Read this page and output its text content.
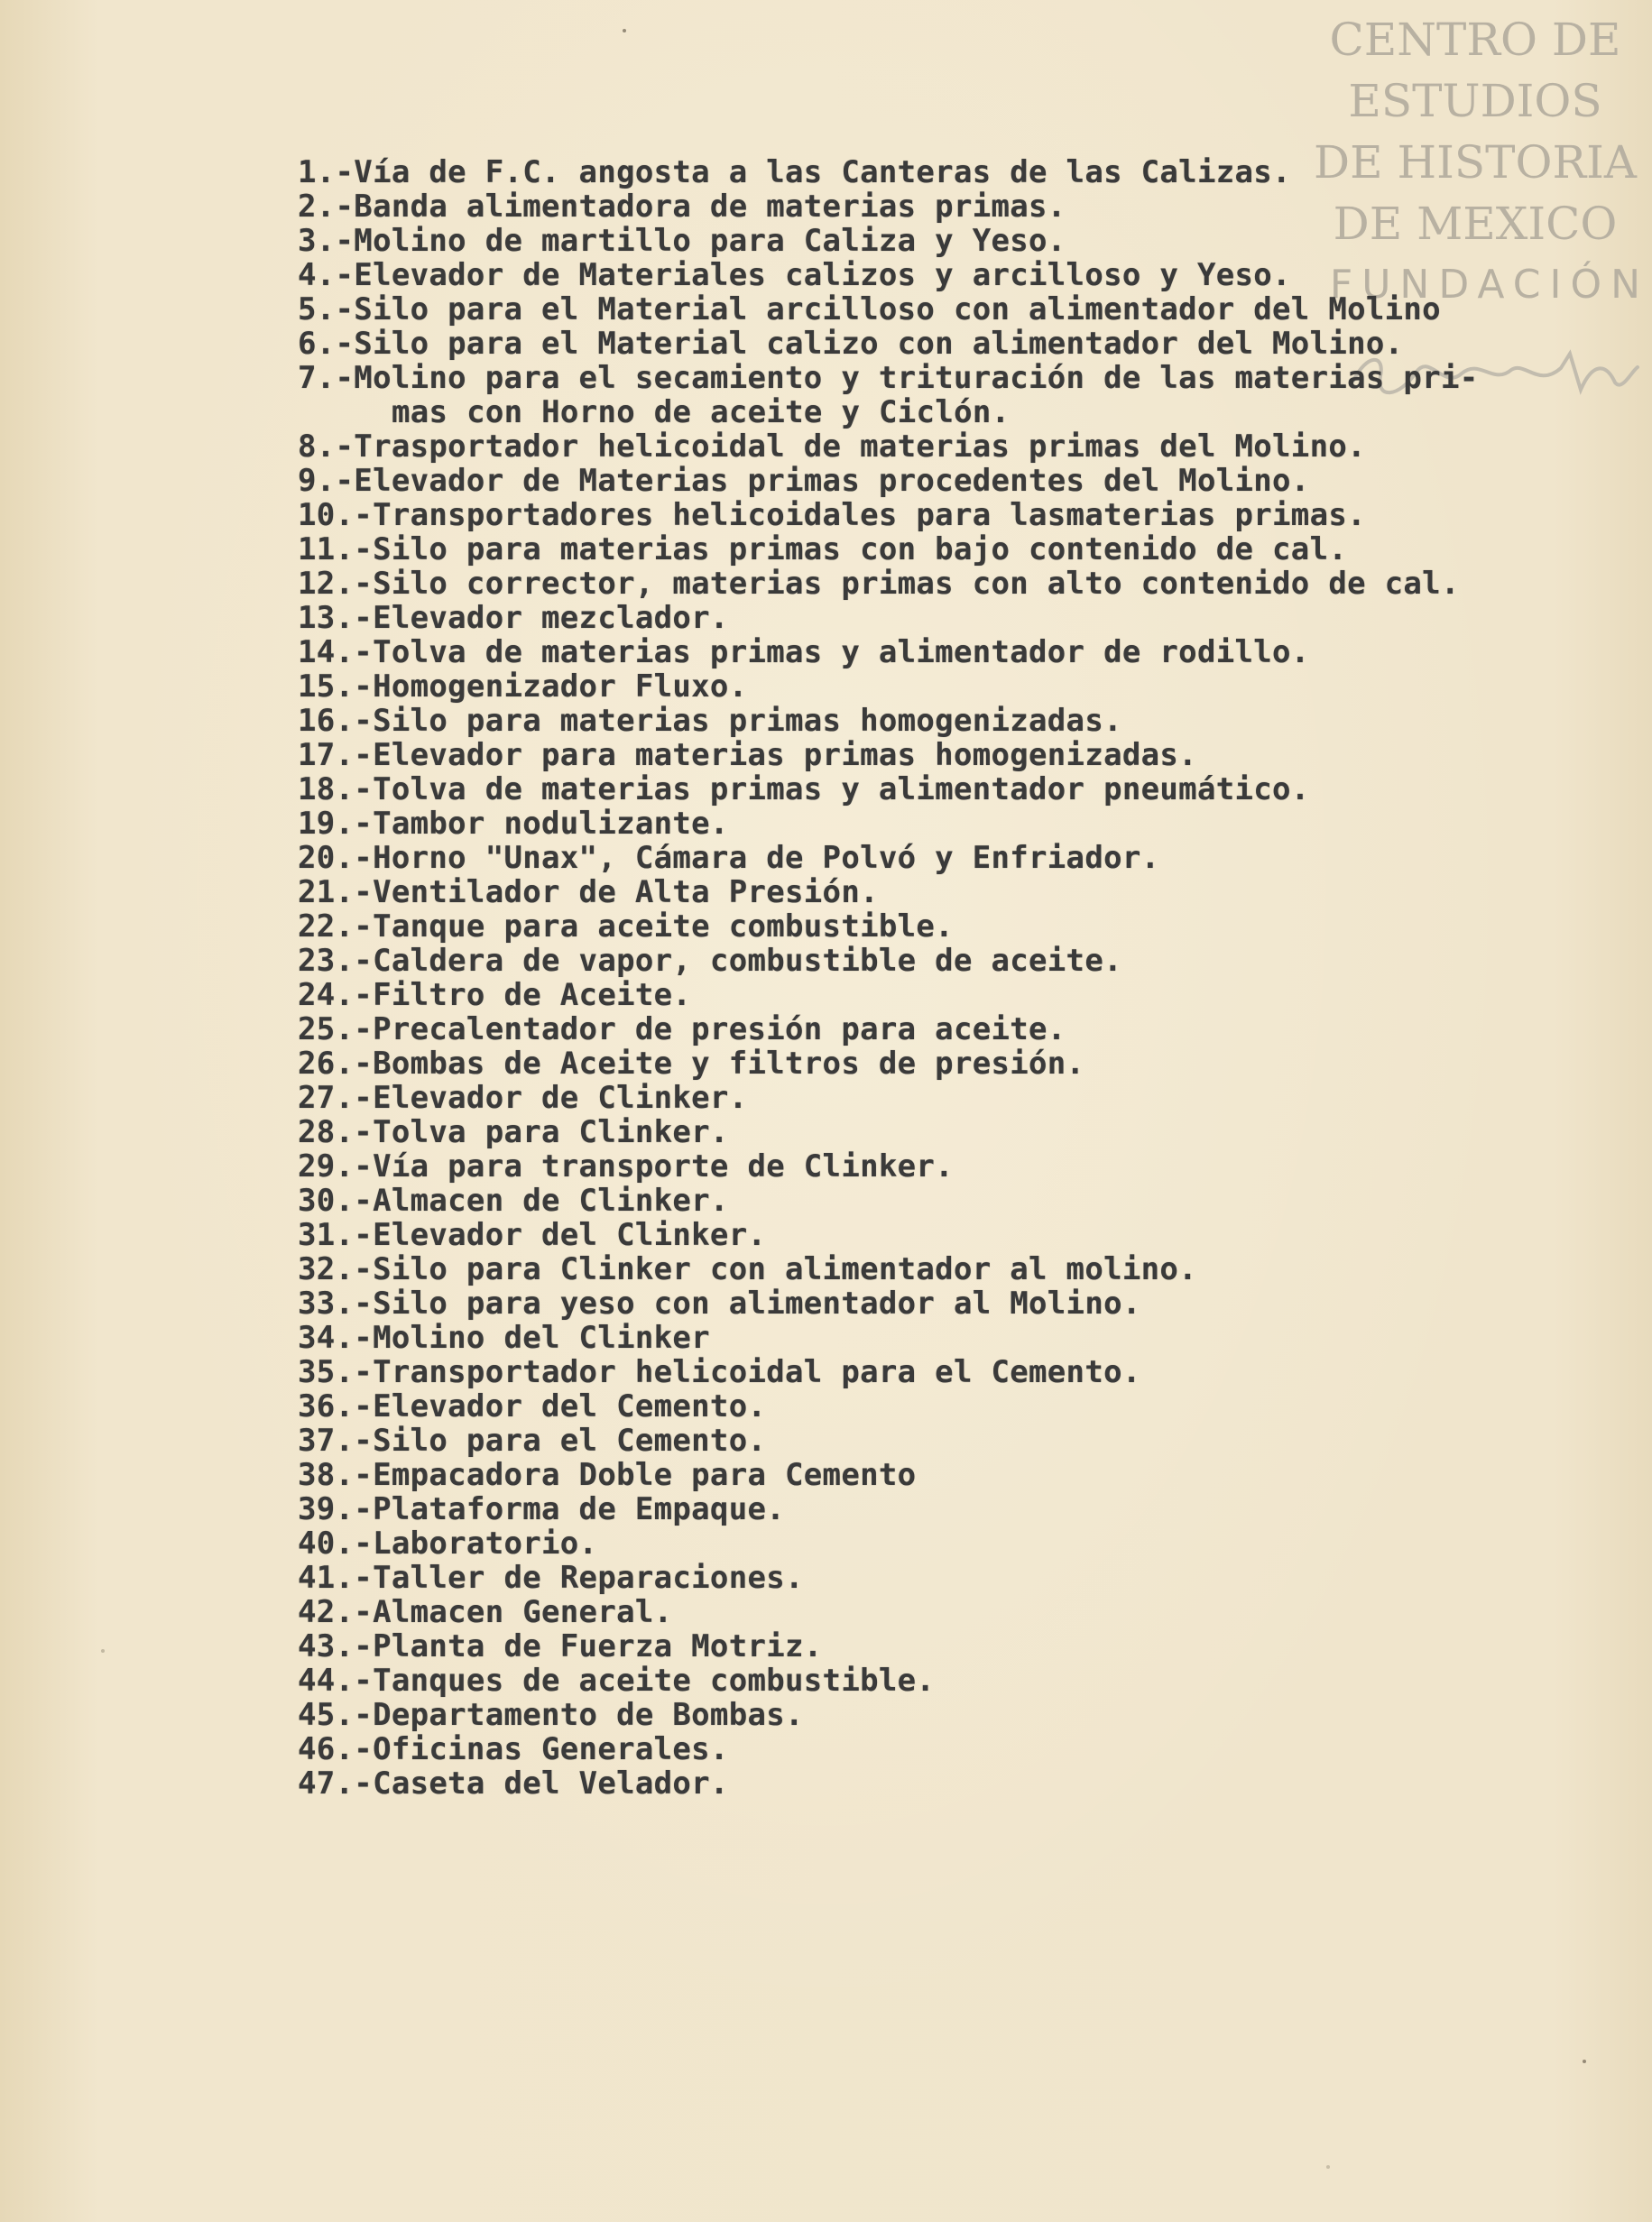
CENTRO DE
ESTUDIOS
DE HISTORIA
DE MEXICO
FUNDACIÓN
1.-Vía de F.C. angosta a las Canteras de las Calizas.
2.-Banda alimentadora de materias primas.
3.-Molino de martillo para Caliza y Yeso.
4.-Elevador de Materiales calizos y arcilloso y Yeso.
5.-Silo para el Material arcilloso con alimentador del Molino
6.-Silo para el Material calizo con alimentador del Molino.
7.-Molino para el secamiento y trituración de las materias pri-
mas con Horno de aceite y Ciclón.
8.-Trasportador helicoidal de materias primas del Molino.
9.-Elevador de Materias primas procedentes del Molino.
10.-Transportadores helicoidales para lasmaterias primas.
11.-Silo para materias primas con bajo contenido de cal.
12.-Silo corrector, materias primas con alto contenido de cal.
13.-Elevador mezclador.
14.-Tolva de materias primas y alimentador de rodillo.
15.-Homogenizador Fluxo.
16.-Silo para materias primas homogenizadas.
17.-Elevador para materias primas homogenizadas.
18.-Tolva de materias primas y alimentador pneumático.
19.-Tambor nodulizante.
20.-Horno "Unax", Cámara de Polvó y Enfriador.
21.-Ventilador de Alta Presión.
22.-Tanque para aceite combustible.
23.-Caldera de vapor, combustible de aceite.
24.-Filtro de Aceite.
25.-Precalentador de presión para aceite.
26.-Bombas de Aceite y filtros de presión.
27.-Elevador de Clinker.
28.-Tolva para Clinker.
29.-Vía para transporte de Clinker.
30.-Almacen de Clinker.
31.-Elevador del Clinker.
32.-Silo para Clinker con alimentador al molino.
33.-Silo para yeso con alimentador al Molino.
34.-Molino del Clinker
35.-Transportador helicoidal para el Cemento.
36.-Elevador del Cemento.
37.-Silo para el Cemento.
38.-Empacadora Doble para Cemento
39.-Plataforma de Empaque.
40.-Laboratorio.
41.-Taller de Reparaciones.
42.-Almacen General.
43.-Planta de Fuerza Motriz.
44.-Tanques de aceite combustible.
45.-Departamento de Bombas.
46.-Oficinas Generales.
47.-Caseta del Velador.
